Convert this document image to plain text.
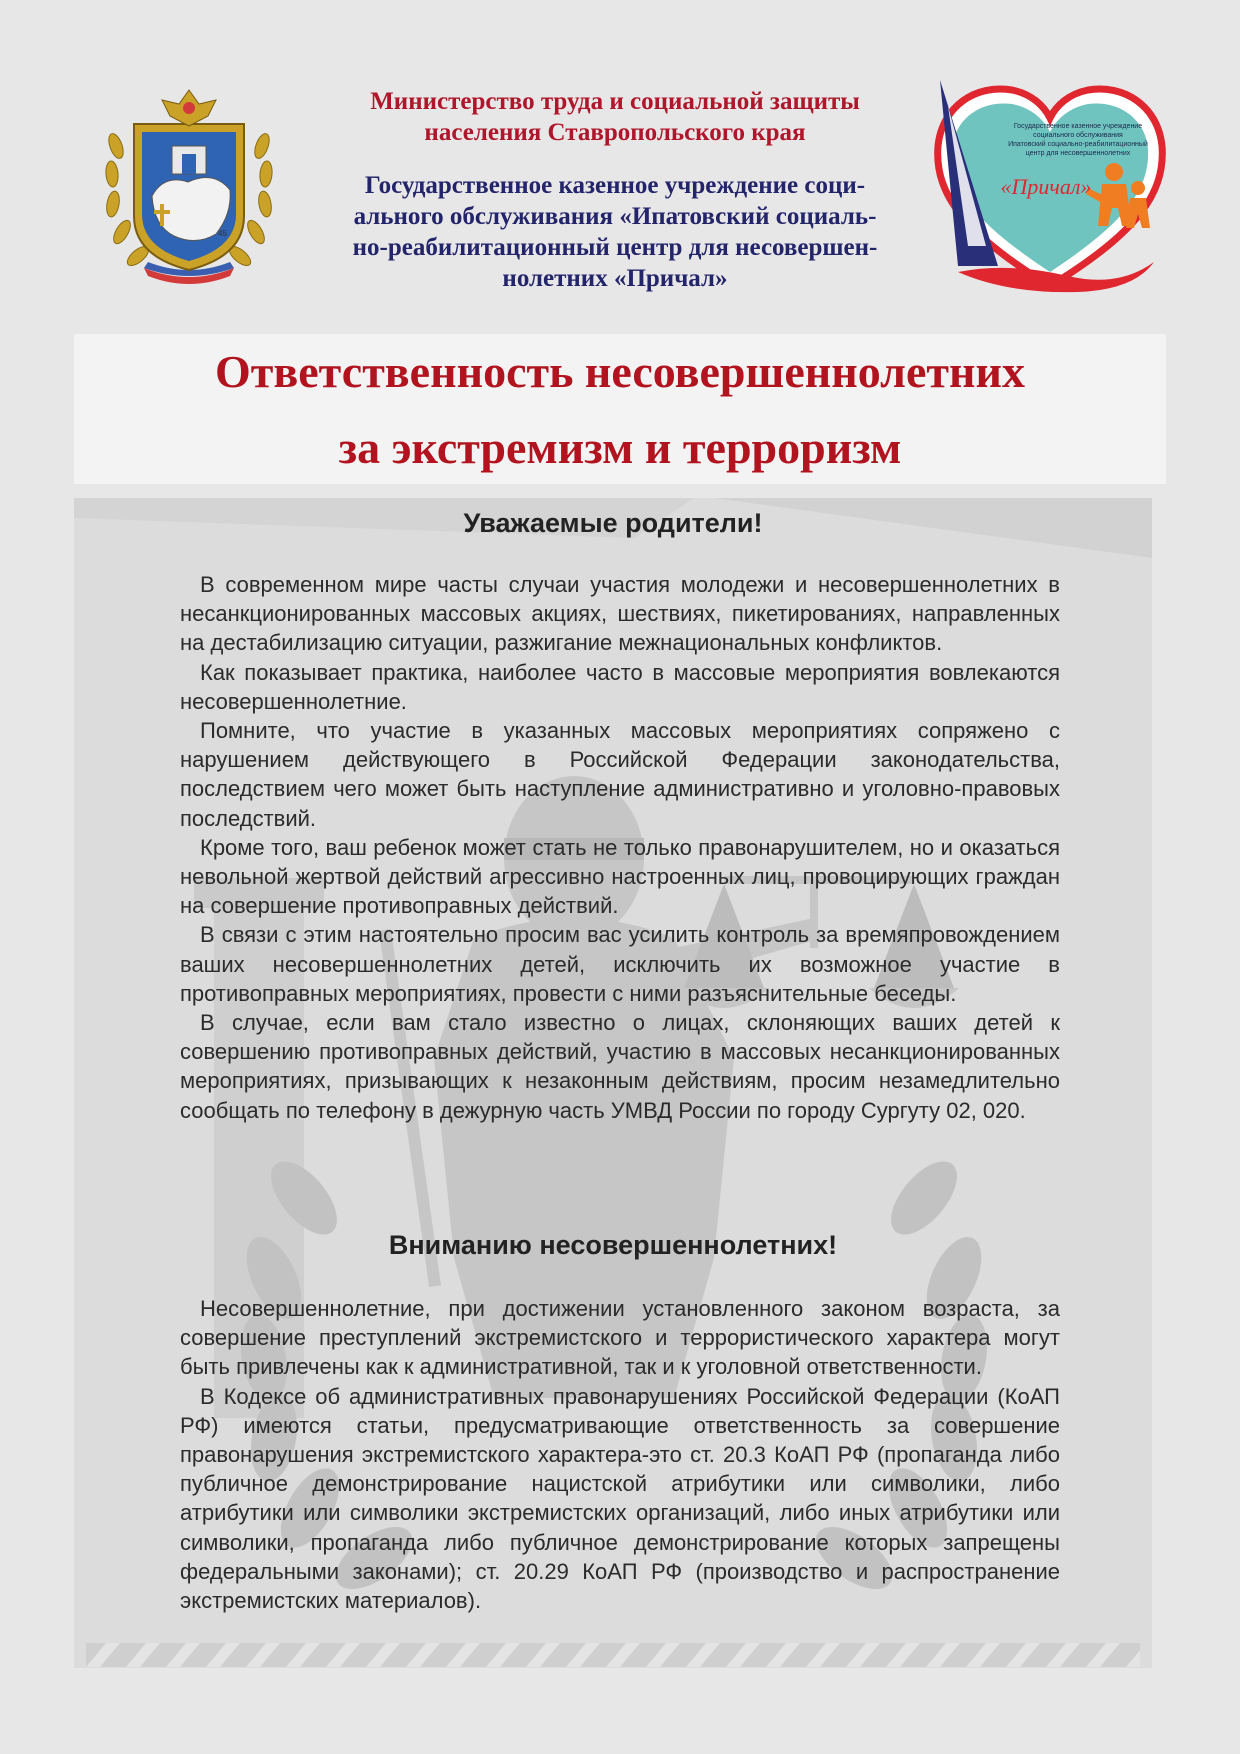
45
Министерство труда и социальной защиты
населения Ставропольского края
Государственное казенное учреждение соци-
ального обслуживания «Ипатовский социаль-
но-реабилитационный центр для несовершен-
нолетних «Причал»
Государственное казенное учреждение
социального обслуживания
Ипатовский социально-реабилитационный
центр для несовершеннолетних
«Причал»
Ответственность несовершеннолетних
за экстремизм и терроризм
Уважаемые родители!

В современном мире часты случаи участия молодежи и несовершеннолетних в несанкционированных массовых акциях, шествиях, пикетированиях, направленных на дестабилизацию ситуации, разжигание межнациональных конфликтов.

Как показывает практика, наиболее часто в массовые мероприятия вовлекаются несовершеннолетние.

Помните, что участие в указанных массовых мероприятиях сопряжено с нарушением действующего в Российской Федерации законодательства, последствием чего может быть наступление административно и уголовно-правовых последствий.

Кроме того, ваш ребенок может стать не только правонарушителем, но и оказаться невольной жертвой действий агрессивно настроенных лиц, провоцирующих граждан на совершение противоправных действий.

В связи с этим настоятельно просим вас усилить контроль за времяпровождением ваших несовершеннолетних детей, исключить их возможное участие в противоправных мероприятиях, провести с ними разъяснительные беседы.

В случае, если вам стало известно о лицах, склоняющих ваших детей к совершению противоправных действий, участию в массовых несанкционированных мероприятиях, призывающих к незаконным действиям, просим незамедлительно сообщать по телефону в дежурную часть УМВД России по городу Сургуту 02, 020.

Вниманию несовершеннолетних!

Несовершеннолетние, при достижении установленного законом возраста, за совершение преступлений экстремистского и террористического характера могут быть привлечены как к административной, так и к уголовной ответственности.

В Кодексе об административных правонарушениях Российской Федерации (КоАП РФ) имеются статьи, предусматривающие ответственность за совершение правонарушения экстремистского характера-это ст. 20.3 КоАП РФ (пропаганда либо публичное демонстрирование нацистской атрибутики или символики, либо атрибутики или символики экстремистских организаций, либо иных атрибутики или символики, пропаганда либо публичное демонстрирование которых запрещены федеральными законами); ст. 20.29 КоАП РФ (производство и распространение экстремистских материалов).
